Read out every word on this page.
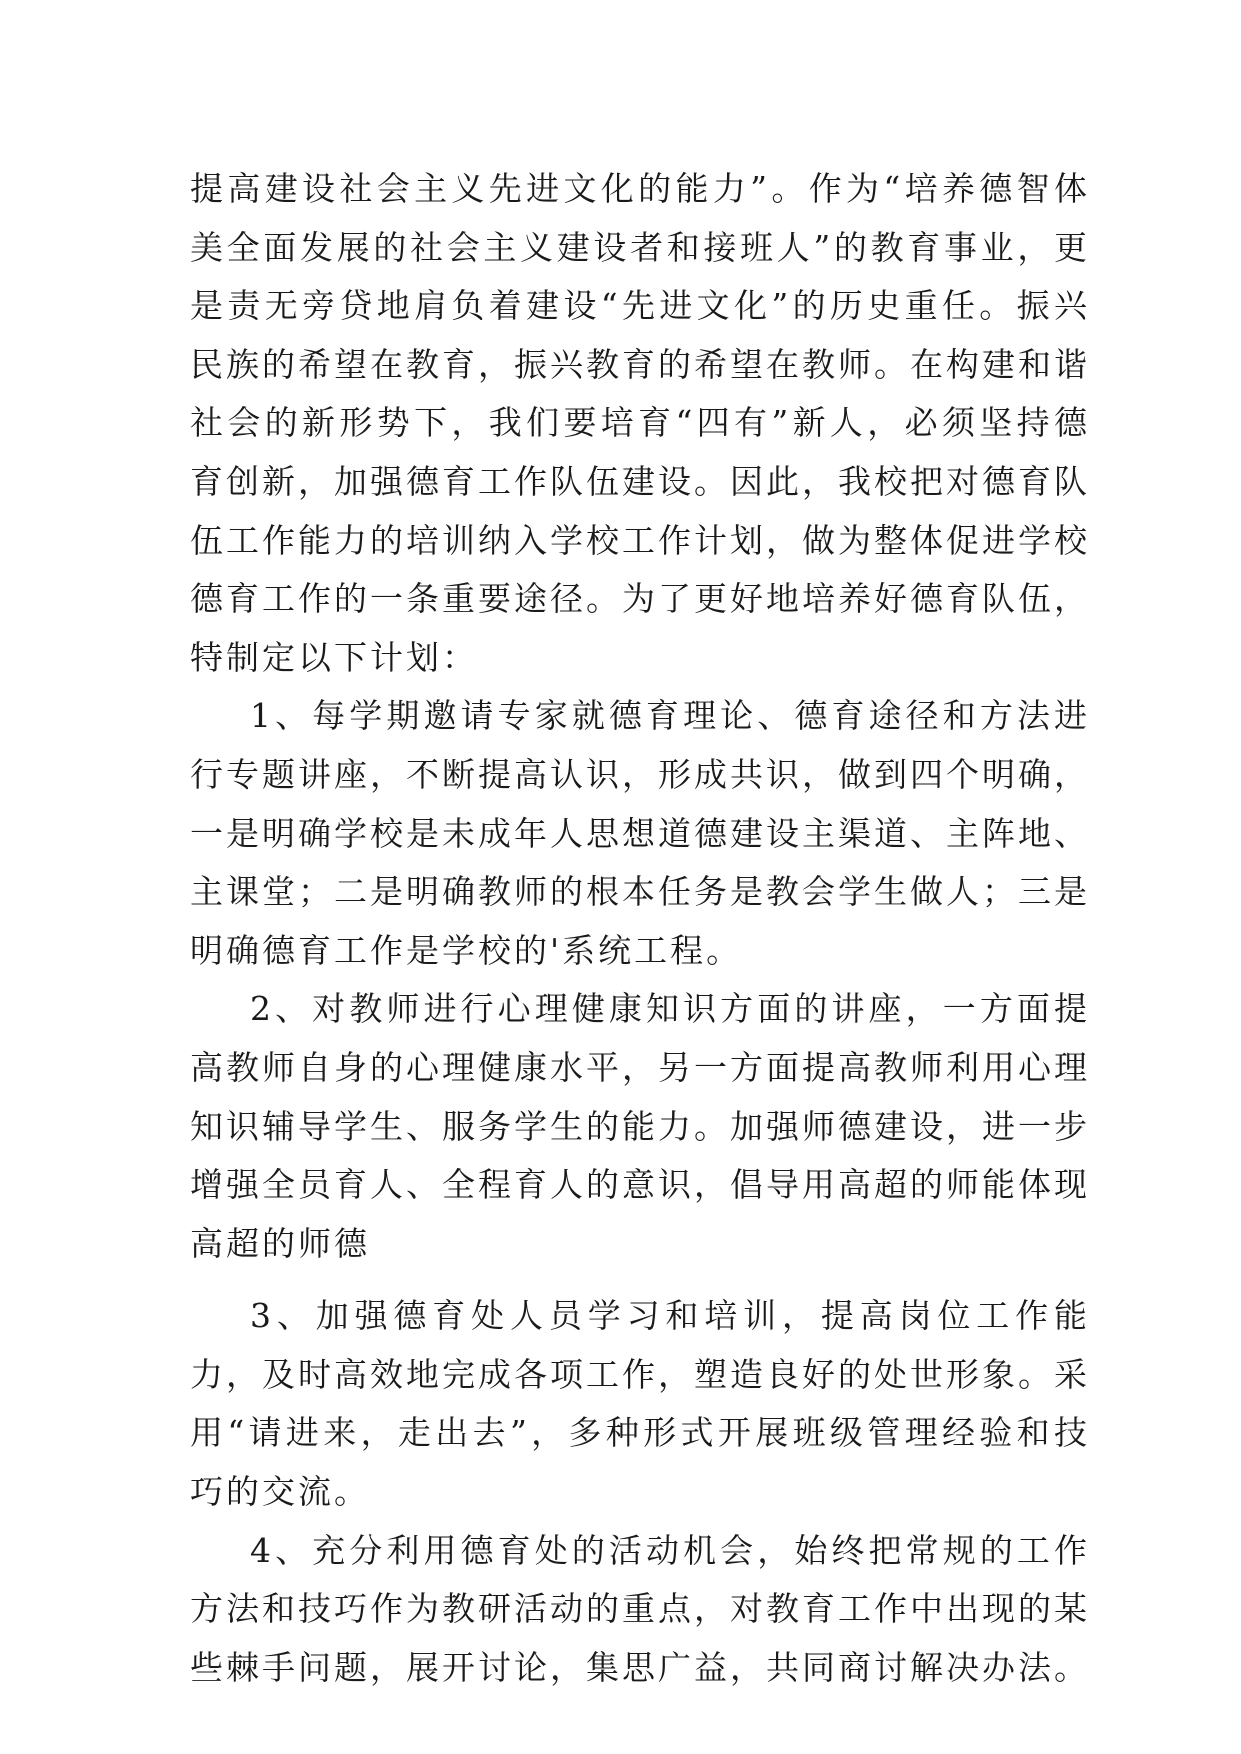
提高建设社会主义先进文化的能力”。作为“培养德智体美全面发展的社会主义建设者和接班人”的教育事业，更是责无旁贷地肩负着建设“先进文化”的历史重任。振兴民族的希望在教育，振兴教育的希望在教师。在构建和谐社会的新形势下，我们要培育“四有”新人，必须坚持德育创新，加强德育工作队伍建设。因此，我校把对德育队伍工作能力的培训纳入学校工作计划，做为整体促进学校德育工作的一条重要途径。为了更好地培养好德育队伍，特制定以下计划：

1、每学期邀请专家就德育理论、德育途径和方法进行专题讲座，不断提高认识，形成共识，做到四个明确，一是明确学校是未成年人思想道德建设主渠道、主阵地、主课堂；二是明确教师的根本任务是教会学生做人；三是明确德育工作是学校的'系统工程。

2、对教师进行心理健康知识方面的讲座，一方面提高教师自身的心理健康水平，另一方面提高教师利用心理知识辅导学生、服务学生的能力。加强师德建设，进一步增强全员育人、全程育人的意识，倡导用高超的师能体现高超的师德

3、加强德育处人员学习和培训，提高岗位工作能力，及时高效地完成各项工作，塑造良好的处世形象。采用“请进来，走出去”，多种形式开展班级管理经验和技巧的交流。

4、充分利用德育处的活动机会，始终把常规的工作方法和技巧作为教研活动的重点，对教育工作中出现的某些棘手问题，展开讨论，集思广益，共同商讨解决办法。
